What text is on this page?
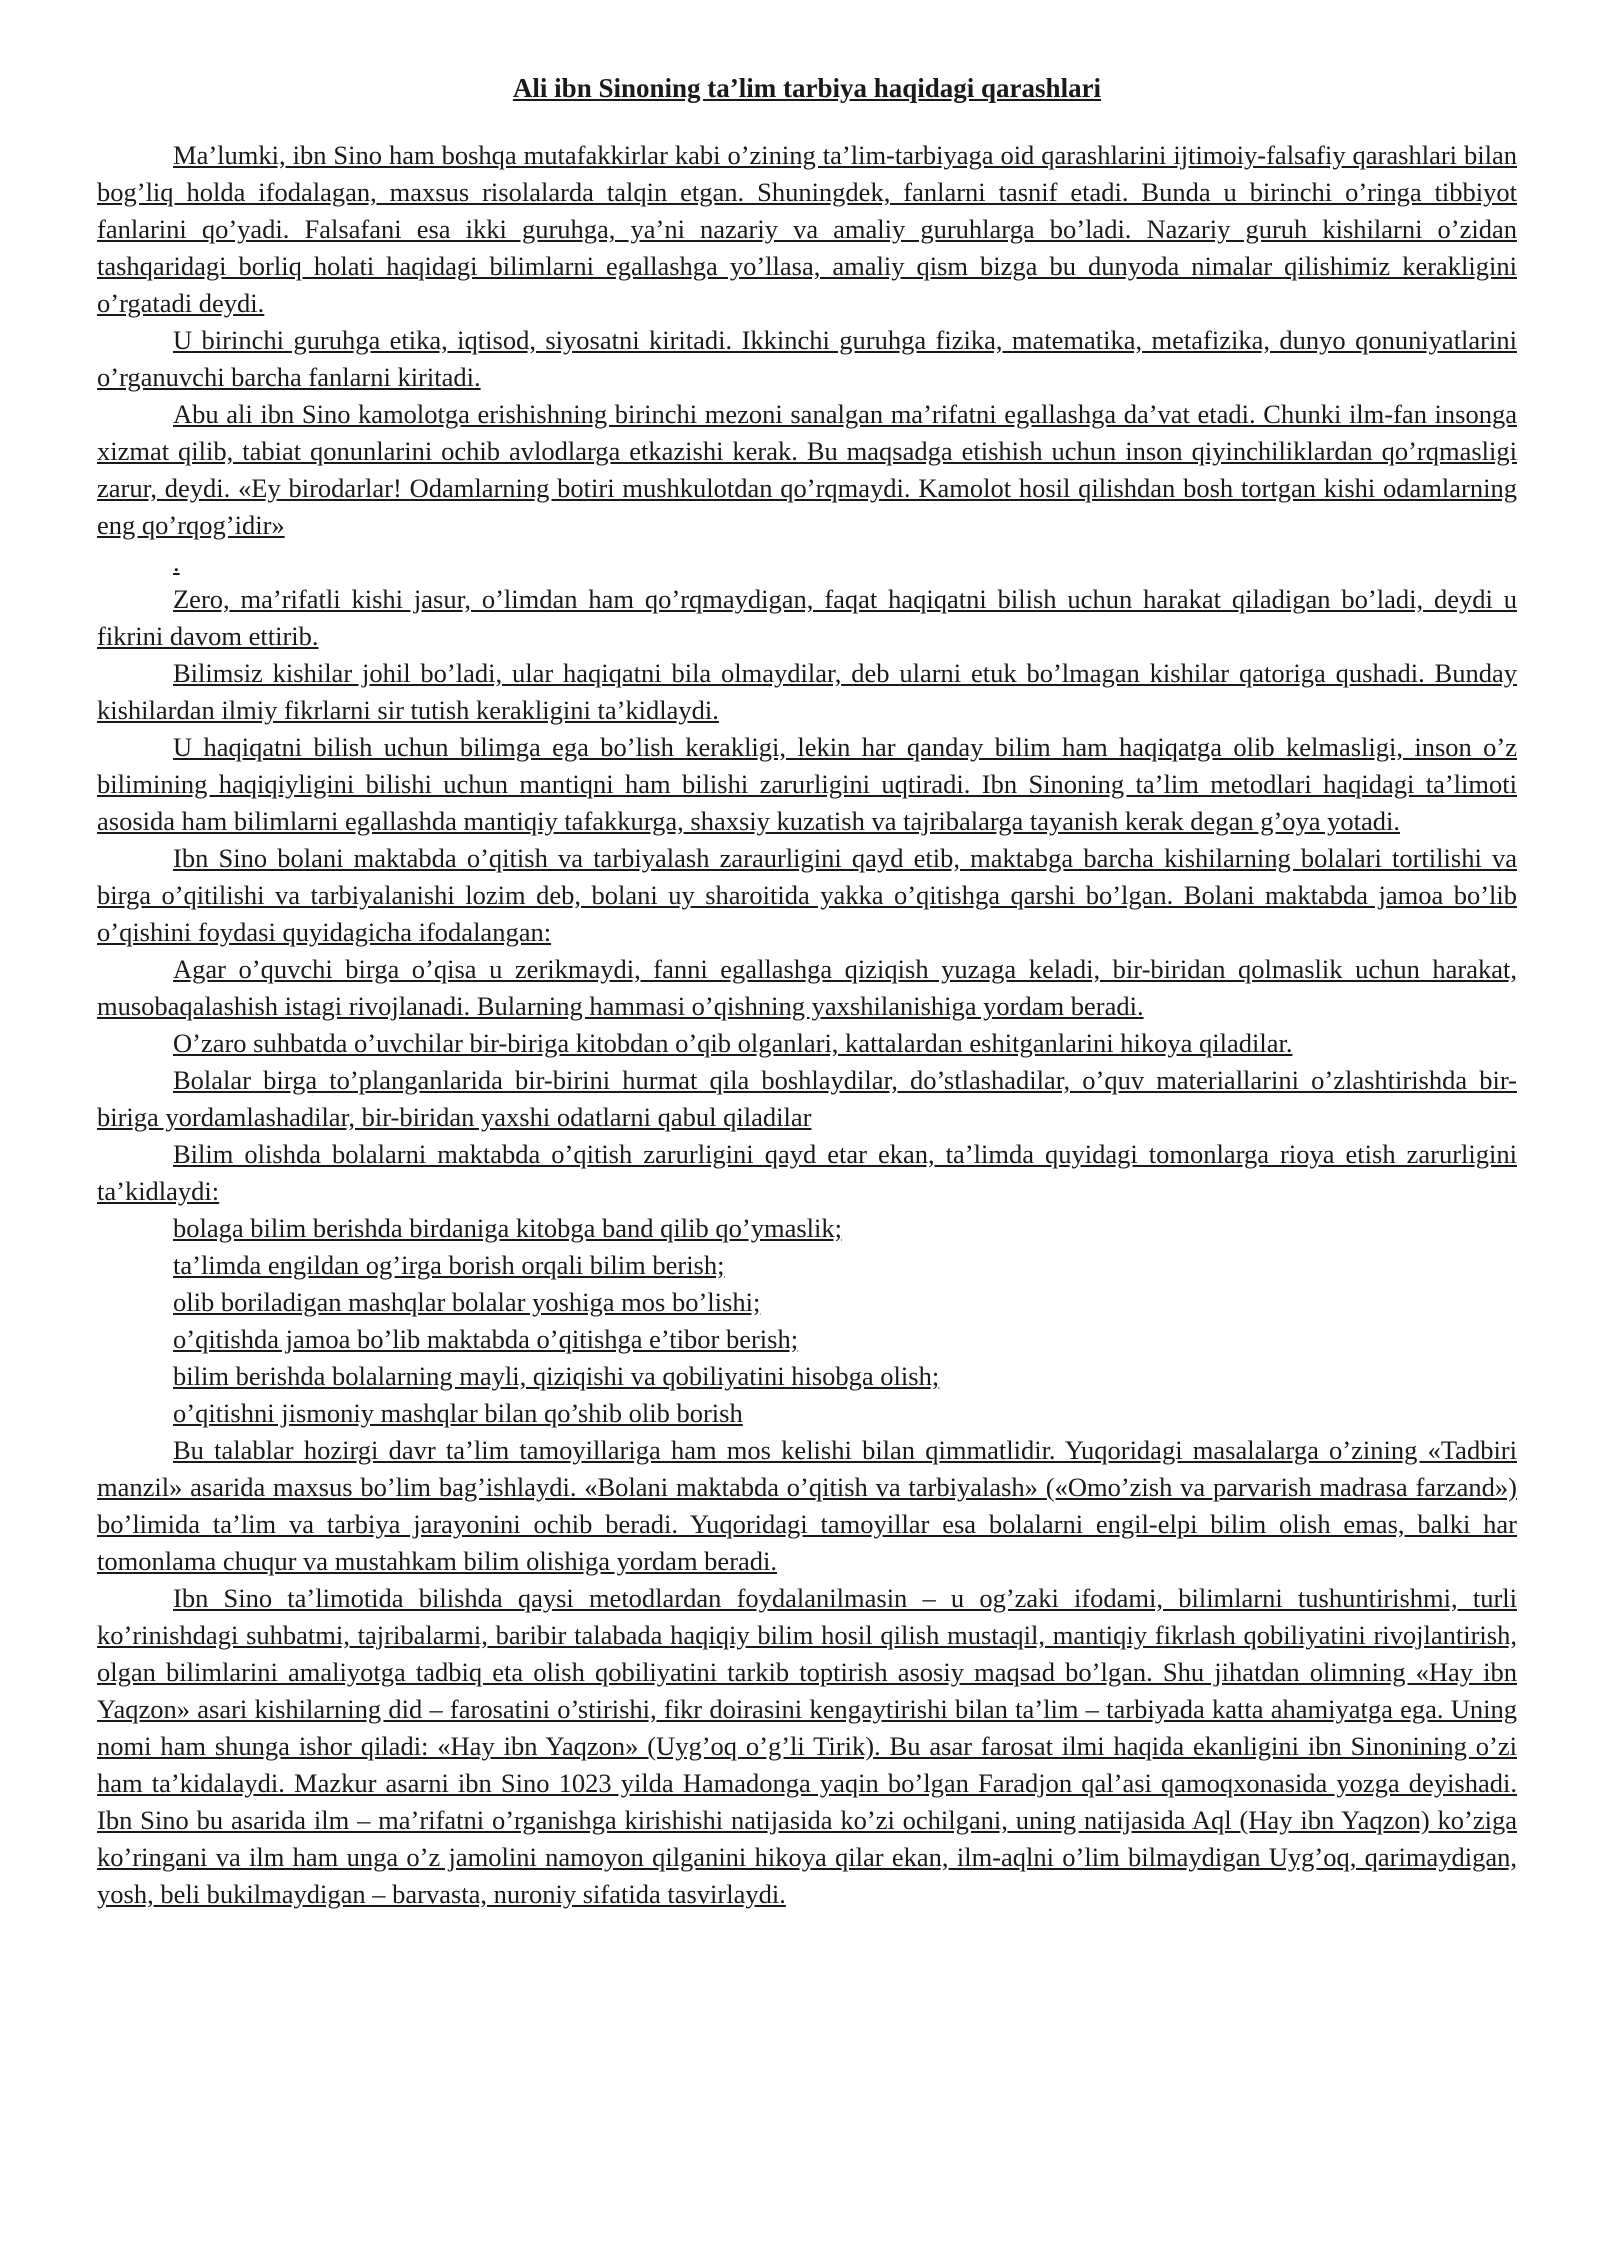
Ali ibn Sinoning ta’lim tarbiya haqidagi qarashlari

Ma’lumki, ibn Sino ham boshqa mutafakkirlar kabi o’zining ta’lim-tarbiyaga oid qarashlarini ijtimoiy-falsafiy qarashlari bilan bog’liq holda ifodalagan, maxsus risolalarda talqin etgan. Shuningdek, fanlarni tasnif etadi. Bunda u birinchi o’ringa tibbiyot fanlarini qo’yadi. Falsafani esa ikki guruhga, ya’ni nazariy va amaliy guruhlarga bo’ladi. Nazariy guruh kishilarni o’zidan tashqaridagi borliq holati haqidagi bilimlarni egallashga yo’llasa, amaliy qism bizga bu dunyoda nimalar qilishimiz kerakligini o’rgatadi deydi.

U birinchi guruhga etika, iqtisod, siyosatni kiritadi. Ikkinchi guruhga fizika, matematika, metafizika, dunyo qonuniyatlarini o’rganuvchi barcha fanlarni kiritadi.

Abu ali ibn Sino kamolotga erishishning birinchi mezoni sanalgan ma’rifatni egallashga da’vat etadi. Chunki ilm-fan insonga xizmat qilib, tabiat qonunlarini ochib avlodlarga etkazishi kerak. Bu maqsadga etishish uchun inson qiyinchiliklardan qo’rqmasligi zarur, deydi. «Ey birodarlar! Odamlarning botiri mushkulotdan qo’rqmaydi. Kamolot hosil qilishdan bosh tortgan kishi odamlarning eng qo’rqog’idir»

.

Zero, ma’rifatli kishi jasur, o’limdan ham qo’rqmaydigan, faqat haqiqatni bilish uchun harakat qiladigan bo’ladi, deydi u fikrini davom ettirib.

Bilimsiz kishilar johil bo’ladi, ular haqiqatni bila olmaydilar, deb ularni etuk bo’lmagan kishilar qatoriga qushadi. Bunday kishilardan ilmiy fikrlarni sir tutish kerakligini ta’kidlaydi.

U haqiqatni bilish uchun bilimga ega bo’lish kerakligi, lekin har qanday bilim ham haqiqatga olib kelmasligi, inson o’z bilimining haqiqiyligini bilishi uchun mantiqni ham bilishi zarurligini uqtiradi. Ibn Sinoning ta’lim metodlari haqidagi ta’limoti asosida ham bilimlarni egallashda mantiqiy tafakkurga, shaxsiy kuzatish va tajribalarga tayanish kerak degan g’oya yotadi.

Ibn Sino bolani maktabda o’qitish va tarbiyalash zaraurligini qayd etib, maktabga barcha kishilarning bolalari tortilishi va birga o’qitilishi va tarbiyalanishi lozim deb, bolani uy sharoitida yakka o’qitishga qarshi bo’lgan. Bolani maktabda jamoa bo’lib o’qishini foydasi quyidagicha ifodalangan:

Agar o’quvchi birga o’qisa u zerikmaydi, fanni egallashga qiziqish yuzaga keladi, bir-biridan qolmaslik uchun harakat, musobaqalashish istagi rivojlanadi. Bularning hammasi o’qishning yaxshilanishiga yordam beradi.

O’zaro suhbatda o’uvchilar bir-biriga kitobdan o’qib olganlari, kattalardan eshitganlarini hikoya qiladilar.

Bolalar birga to’planganlarida bir-birini hurmat qila boshlaydilar, do’stlashadilar, o’quv materiallarini o’zlashtirishda bir-biriga yordamlashadilar, bir-biridan yaxshi odatlarni qabul qiladilar

Bilim olishda bolalarni maktabda o’qitish zarurligini qayd etar ekan, ta’limda quyidagi tomonlarga rioya etish zarurligini ta’kidlaydi:

bolaga bilim berishda birdaniga kitobga band qilib qo’ymaslik;
ta’limda engildan og’irga borish orqali bilim berish;
olib boriladigan mashqlar bolalar yoshiga mos bo’lishi;
o’qitishda jamoa bo’lib maktabda o’qitishga e’tibor berish;
bilim berishda bolalarning mayli, qiziqishi va qobiliyatini hisobga olish;
o’qitishni jismoniy mashqlar bilan qo’shib olib borish

Bu talablar hozirgi davr ta’lim tamoyillariga ham mos kelishi bilan qimmatlidir. Yuqoridagi masalalarga o’zining «Tadbiri manzil» asarida maxsus bo’lim bag’ishlaydi. «Bolani maktabda o’qitish va tarbiyalash» («Omo’zish va parvarish madrasa farzand») bo’limida ta’lim va tarbiya jarayonini ochib beradi. Yuqoridagi tamoyillar esa bolalarni engil-elpi bilim olish emas, balki har tomonlama chuqur va mustahkam bilim olishiga yordam beradi.

Ibn Sino ta’limotida bilishda qaysi metodlardan foydalanilmasin – u og’zaki ifodami, bilimlarni tushuntirishmi, turli ko’rinishdagi suhbatmi, tajribalarmi, baribir talabada haqiqiy bilim hosil qilish mustaqil, mantiqiy fikrlash qobiliyatini rivojlantirish, olgan bilimlarini amaliyotga tadbiq eta olish qobiliyatini tarkib toptirish asosiy maqsad bo’lgan. Shu jihatdan olimning «Hay ibn Yaqzon» asari kishilarning did – farosatini o’stirishi, fikr doirasini kengaytirishi bilan ta’lim – tarbiyada katta ahamiyatga ega. Uning nomi ham shunga ishor qiladi: «Hay ibn Yaqzon» (Uyg’oq o’g’li Tirik). Bu asar farosat ilmi haqida ekanligini ibn Sinonining o’zi ham ta’kidalaydi. Mazkur asarni ibn Sino 1023 yilda Hamadonga yaqin bo’lgan Faradjon qal’asi qamoqxonasida yozga deyishadi. Ibn Sino bu asarida ilm – ma’rifatni o’rganishga kirishishi natijasida ko’zi ochilgani, uning natijasida Aql (Hay ibn Yaqzon) ko’ziga ko’ringani va ilm ham unga o’z jamolini namoyon qilganini hikoya qilar ekan, ilm-aqlni o’lim bilmaydigan Uyg’oq, qarimaydigan, yosh, beli bukilmaydigan – barvasta, nuroniy sifatida tasvirlaydi.
